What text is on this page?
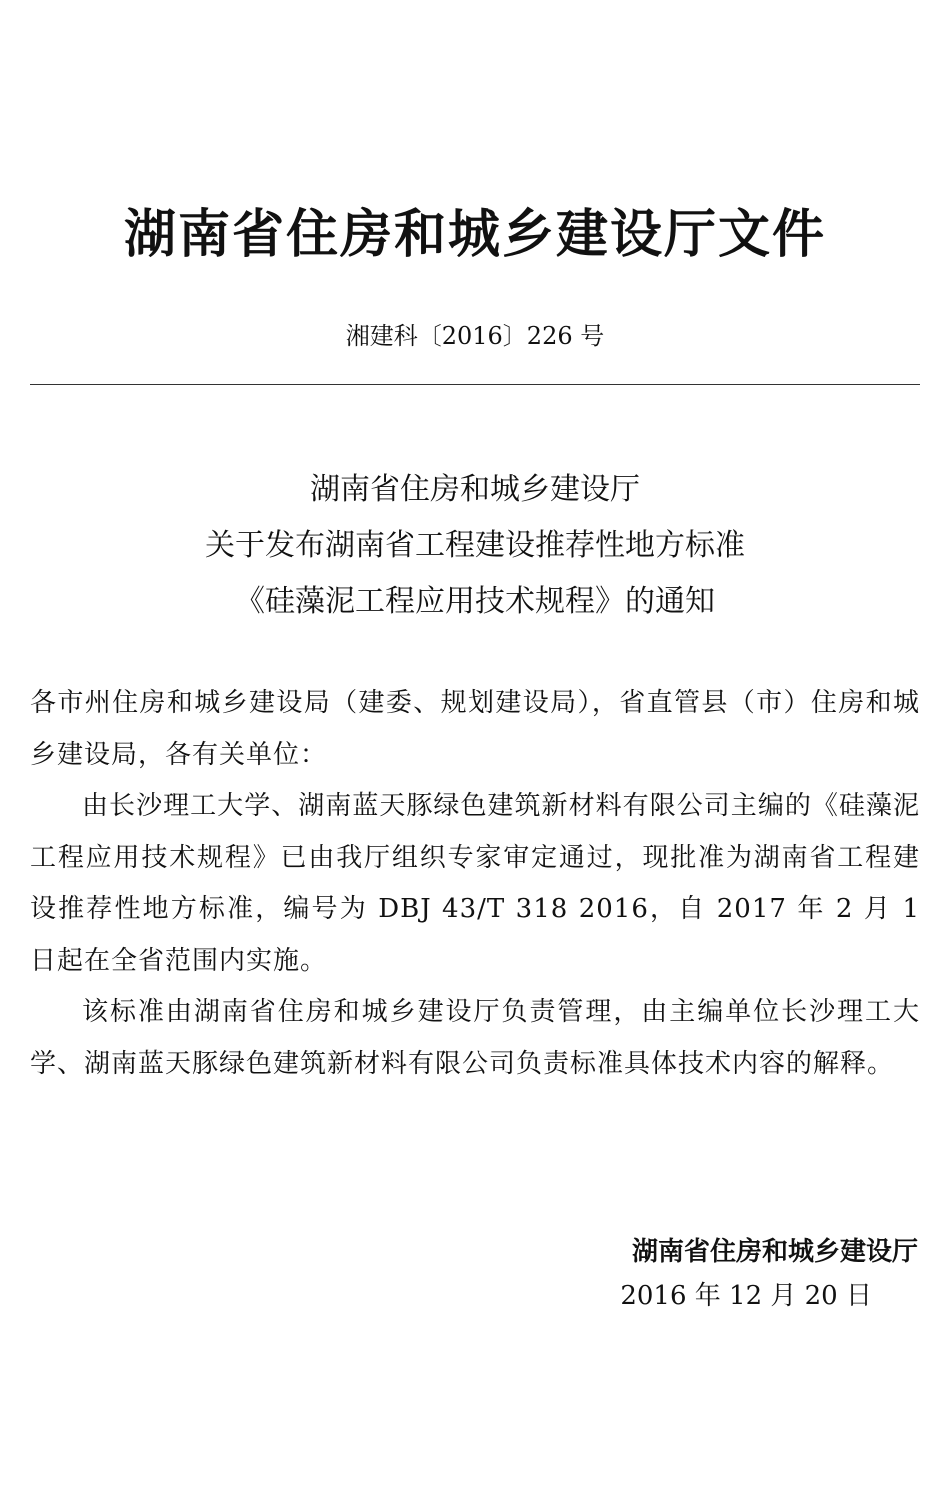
湖南省住房和城乡建设厅文件
湘建科〔2016〕226 号
湖南省住房和城乡建设厅
关于发布湖南省工程建设推荐性地方标准
《硅藻泥工程应用技术规程》的通知

各市州住房和城乡建设局（建委、规划建设局），省直管县（市）住房和城乡建设局，各有关单位：

由长沙理工大学、湖南蓝天豚绿色建筑新材料有限公司主编的《硅藻泥工程应用技术规程》已由我厅组织专家审定通过，现批准为湖南省工程建设推荐性地方标准，编号为 DBJ 43/T 318 2016，自 2017 年 2 月 1 日起在全省范围内实施。

该标准由湖南省住房和城乡建设厅负责管理，由主编单位长沙理工大学、湖南蓝天豚绿色建筑新材料有限公司负责标准具体技术内容的解释。

湖南省住房和城乡建设厅
2016 年 12 月 20 日
